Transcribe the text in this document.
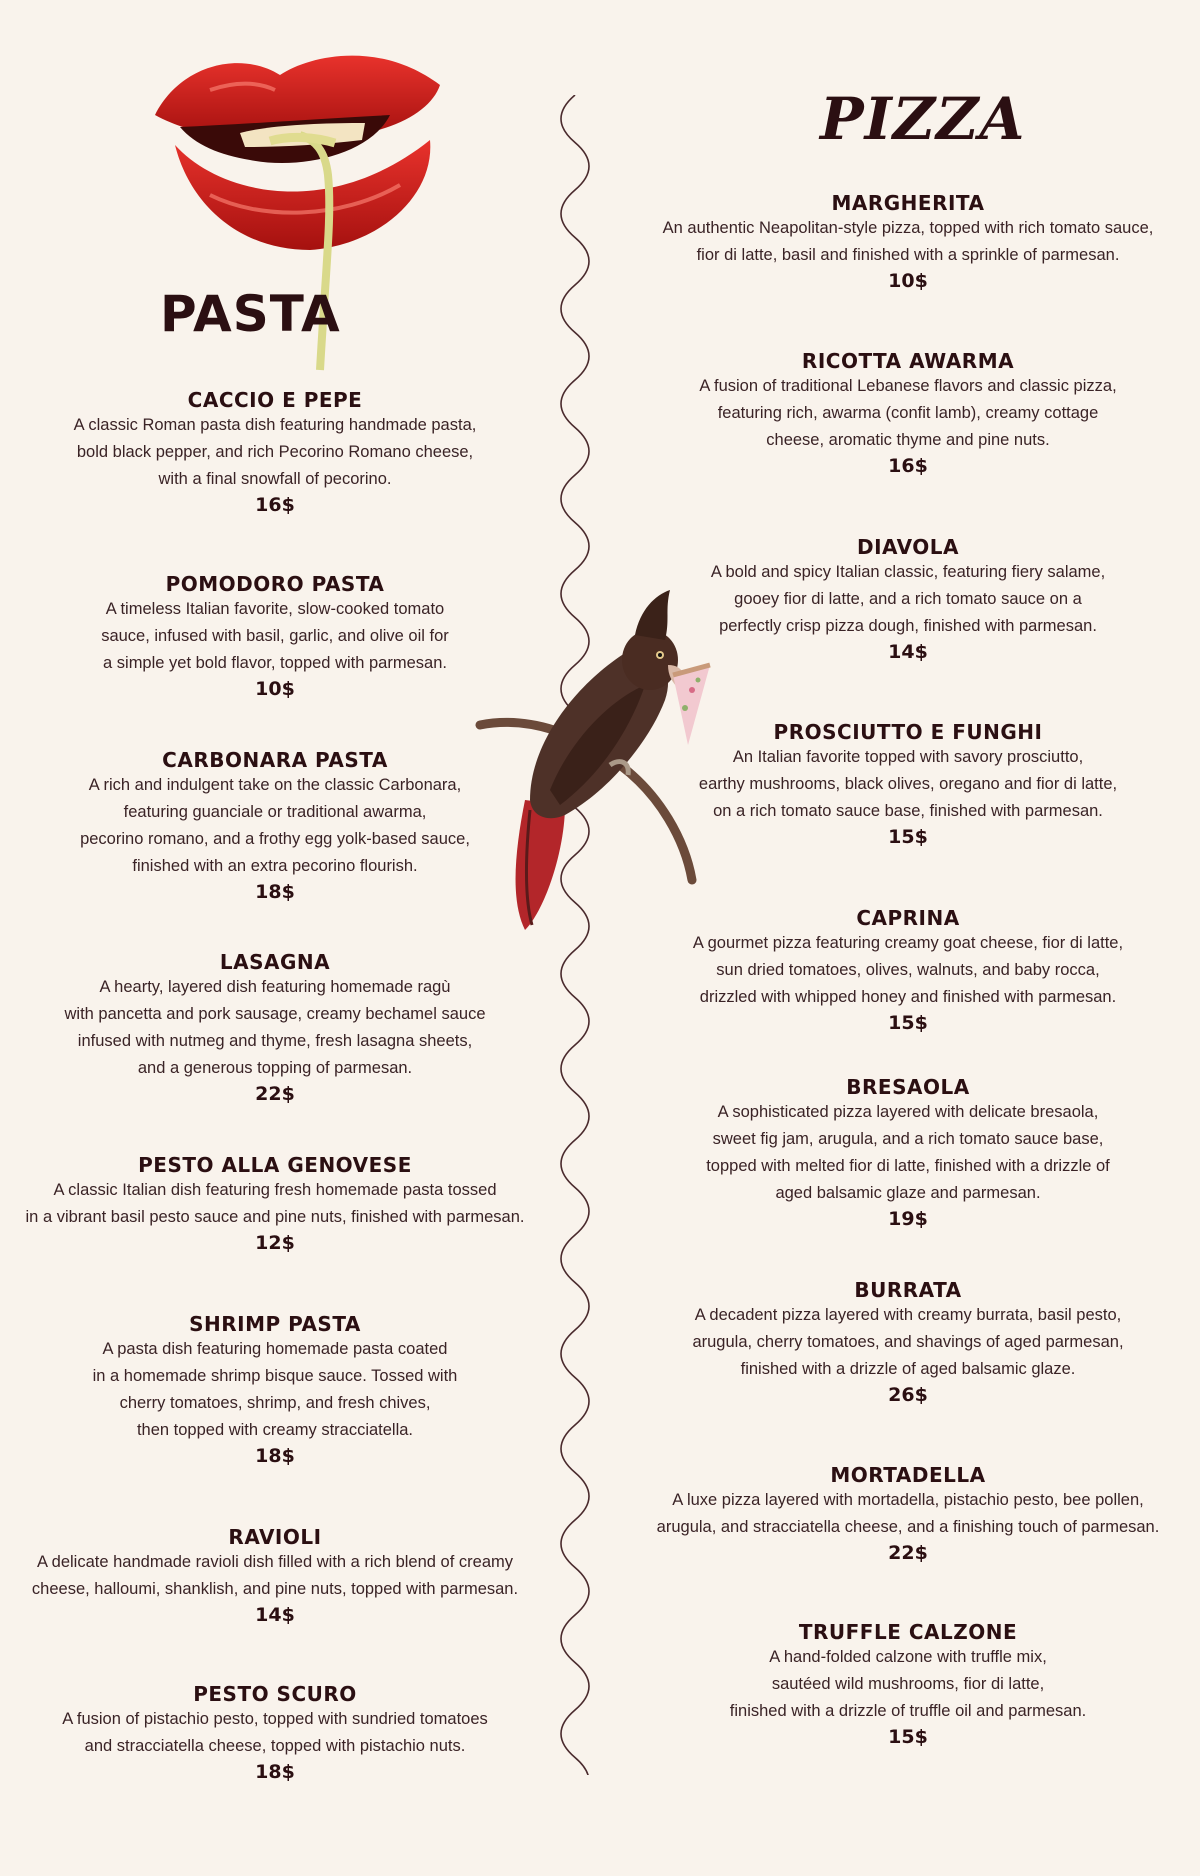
PASTA
PIZZA
CACCIO E PEPE
A classic Roman pasta dish featuring handmade pasta,
bold black pepper, and rich Pecorino Romano cheese,
with a final snowfall of pecorino.
16$
POMODORO PASTA
A timeless Italian favorite, slow-cooked tomato
sauce, infused with basil, garlic, and olive oil for
a simple yet bold flavor, topped with parmesan.
10$
CARBONARA PASTA
A rich and indulgent take on the classic Carbonara,
featuring guanciale or traditional awarma,
pecorino romano, and a frothy egg yolk-based sauce,
finished with an extra pecorino flourish.
18$
LASAGNA
A hearty, layered dish featuring homemade ragù
with pancetta and pork sausage, creamy bechamel sauce
infused with nutmeg and thyme, fresh lasagna sheets,
and a generous topping of parmesan.
22$
PESTO ALLA GENOVESE
A classic Italian dish featuring fresh homemade pasta tossed
in a vibrant basil pesto sauce and pine nuts, finished with parmesan.
12$
SHRIMP PASTA
A pasta dish featuring homemade pasta coated
in a homemade shrimp bisque sauce. Tossed with
cherry tomatoes, shrimp, and fresh chives,
then topped with creamy stracciatella.
18$
RAVIOLI
A delicate handmade ravioli dish filled with a rich blend of creamy
cheese, halloumi, shanklish, and pine nuts, topped with parmesan.
14$
PESTO SCURO
A fusion of pistachio pesto, topped with sundried tomatoes
and stracciatella cheese, topped with pistachio nuts.
18$
MARGHERITA
An authentic Neapolitan-style pizza, topped with rich tomato sauce,
fior di latte, basil and finished with a sprinkle of parmesan.
10$
RICOTTA AWARMA
A fusion of traditional Lebanese flavors and classic pizza,
featuring rich, awarma (confit lamb), creamy cottage
cheese, aromatic thyme and pine nuts.
16$
DIAVOLA
A bold and spicy Italian classic, featuring fiery salame,
gooey fior di latte, and a rich tomato sauce on a
perfectly crisp pizza dough, finished with parmesan.
14$
PROSCIUTTO E FUNGHI
An Italian favorite topped with savory prosciutto,
earthy mushrooms, black olives, oregano and fior di latte,
on a rich tomato sauce base, finished with parmesan.
15$
CAPRINA
A gourmet pizza featuring creamy goat cheese, fior di latte,
sun dried tomatoes, olives, walnuts, and baby rocca,
drizzled with whipped honey and finished with parmesan.
15$
BRESAOLA
A sophisticated pizza layered with delicate bresaola,
sweet fig jam, arugula, and a rich tomato sauce base,
topped with melted fior di latte, finished with a drizzle of
aged balsamic glaze and parmesan.
19$
BURRATA
A decadent pizza layered with creamy burrata, basil pesto,
arugula, cherry tomatoes, and shavings of aged parmesan,
finished with a drizzle of aged balsamic glaze.
26$
MORTADELLA
A luxe pizza layered with mortadella, pistachio pesto, bee pollen,
arugula, and stracciatella cheese, and a finishing touch of parmesan.
22$
TRUFFLE CALZONE
A hand-folded calzone with truffle mix,
sautéed wild mushrooms, fior di latte,
finished with a drizzle of truffle oil and parmesan.
15$
